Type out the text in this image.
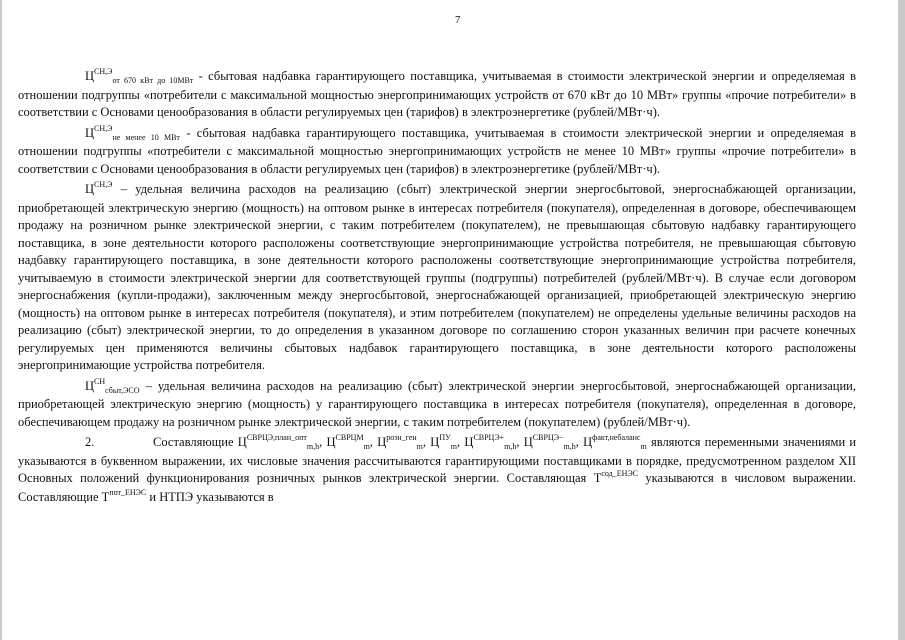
7

$Ц^{СН,Э}_{от 670 кВт до 10МВт}$ - сбытовая надбавка гарантирующего поставщика, учитываемая в стоимости электрической энергии и определяемая в отношении подгруппы «потребители с максимальной мощностью энергопринимающих устройств от 670 кВт до 10 МВт» группы «прочие потребители» в соответствии с Основами ценообразования в области регулируемых цен (тарифов) в электроэнергетике (рублей/МВт·ч).

$Ц^{СН,Э}_{не менее 10 МВт}$ - сбытовая надбавка гарантирующего поставщика, учитываемая в стоимости электрической энергии и определяемая в отношении подгруппы «потребители с максимальной мощностью энергопринимающих устройств не менее 10 МВт» группы «прочие потребители» в соответствии с Основами ценообразования в области регулируемых цен (тарифов) в электроэнергетике (рублей/МВт·ч).

$Ц^{СН,Э}$ – удельная величина расходов на реализацию (сбыт) электрической энергии энергосбытовой, энергоснабжающей организации, приобретающей электрическую энергию (мощность) на оптовом рынке в интересах потребителя (покупателя), определенная в договоре, обеспечивающем продажу на розничном рынке электрической энергии, с таким потребителем (покупателем), не превышающая сбытовую надбавку гарантирующего поставщика, в зоне деятельности которого расположены соответствующие энергопринимающие устройства потребителя, не превышающая сбытовую надбавку гарантирующего поставщика, в зоне деятельности которого расположены соответствующие энергопринимающие устройства потребителя, учитываемую в стоимости электрической энергии для соответствующей группы (подгруппы) потребителей (рублей/МВт·ч). В случае если договором энергоснабжения (купли-продажи), заключенным между энергосбытовой, энергоснабжающей организацией, приобретающей электрическую энергию (мощность) на оптовом рынке в интересах потребителя (покупателя), и этим потребителем (покупателем) не определены удельные величины расходов на реализацию (сбыт) электрической энергии, то до определения в указанном договоре по соглашению сторон указанных величин при расчете конечных регулируемых цен применяются величины сбытовых надбавок гарантирующего поставщика, в зоне деятельности которого расположены энергопринимающие устройства потребителя.

$Ц^{СН}_{сбыт,ЭСО}$ – удельная величина расходов на реализацию (сбыт) электрической энергии энергосбытовой, энергоснабжающей организации, приобретающей электрическую энергию (мощность) у гарантирующего поставщика в интересах потребителя (покупателя), определенная в договоре, обеспечивающем продажу на розничном рынке электрической энергии, с таким потребителем (покупателем) (рублей/МВт·ч).

2.	Составляющие $Ц^{СВРЦЭ,план\_опт}_{m,h}$, $Ц^{СВРЦМ}_m$, $Ц^{розн\_ген}_m$, $Ц^{ПУ}_m$, $Ц^{СВРЦЭ+}_{m,h}$, $Ц^{СВРЦЭ-}_{m,h}$, $Ц^{факт,небаланс}_m$ являются переменными значениями и указываются в буквенном выражении, их числовые значения рассчитываются гарантирующими поставщиками в порядке, предусмотренном разделом XII Основных положений функционирования розничных рынков электрической энергии. Составляющая $T^{сод\_ЕНЭС}$ указываются в числовом выражении. Составляющие $T^{пот\_ЕНЭС}$ и НТПЭ указываются в
